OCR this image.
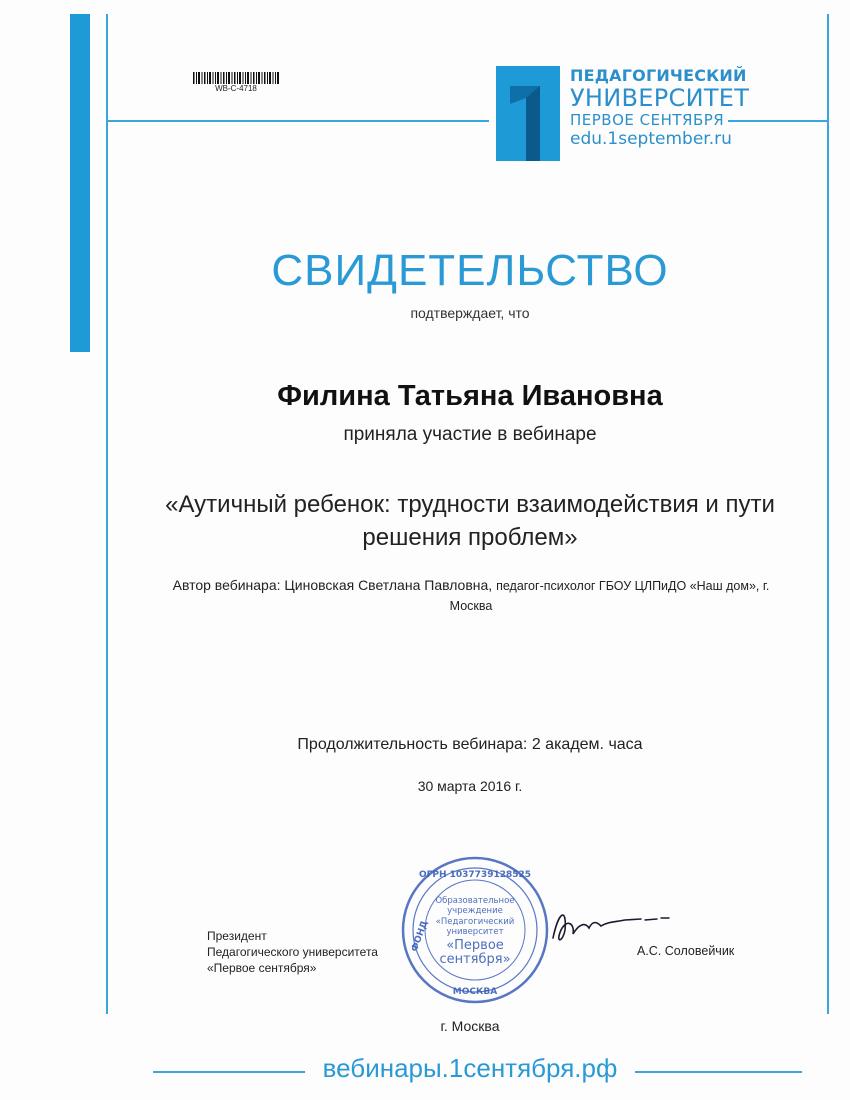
WB-C-4718
ПЕДАГОГИЧЕСКИЙ
УНИВЕРСИТЕТ
ПЕРВОЕ СЕНТЯБРЯ
edu.1september.ru
СВИДЕТЕЛЬСТВО
подтверждает, что
Филина Татьяна Ивановна
приняла участие в вебинаре
«Аутичный ребенок: трудности взаимодействия и пути решения проблем»
Автор вебинара: Циновская Светлана Павловна, педагог-психолог ГБОУ ЦЛПиДО «Наш дом», г. Москва
Продолжительность вебинара: 2 академ. часа
30 марта 2016 г.
Президент
Педагогического университета
«Первое сентября»
ОГРН 1037739128525
ФОНД
МОСКВА
Образовательное
учреждение
«Педагогический
университет
«Первое
сентября»
А.С. Соловейчик
г. Москва
вебинары.1сентября.рф
